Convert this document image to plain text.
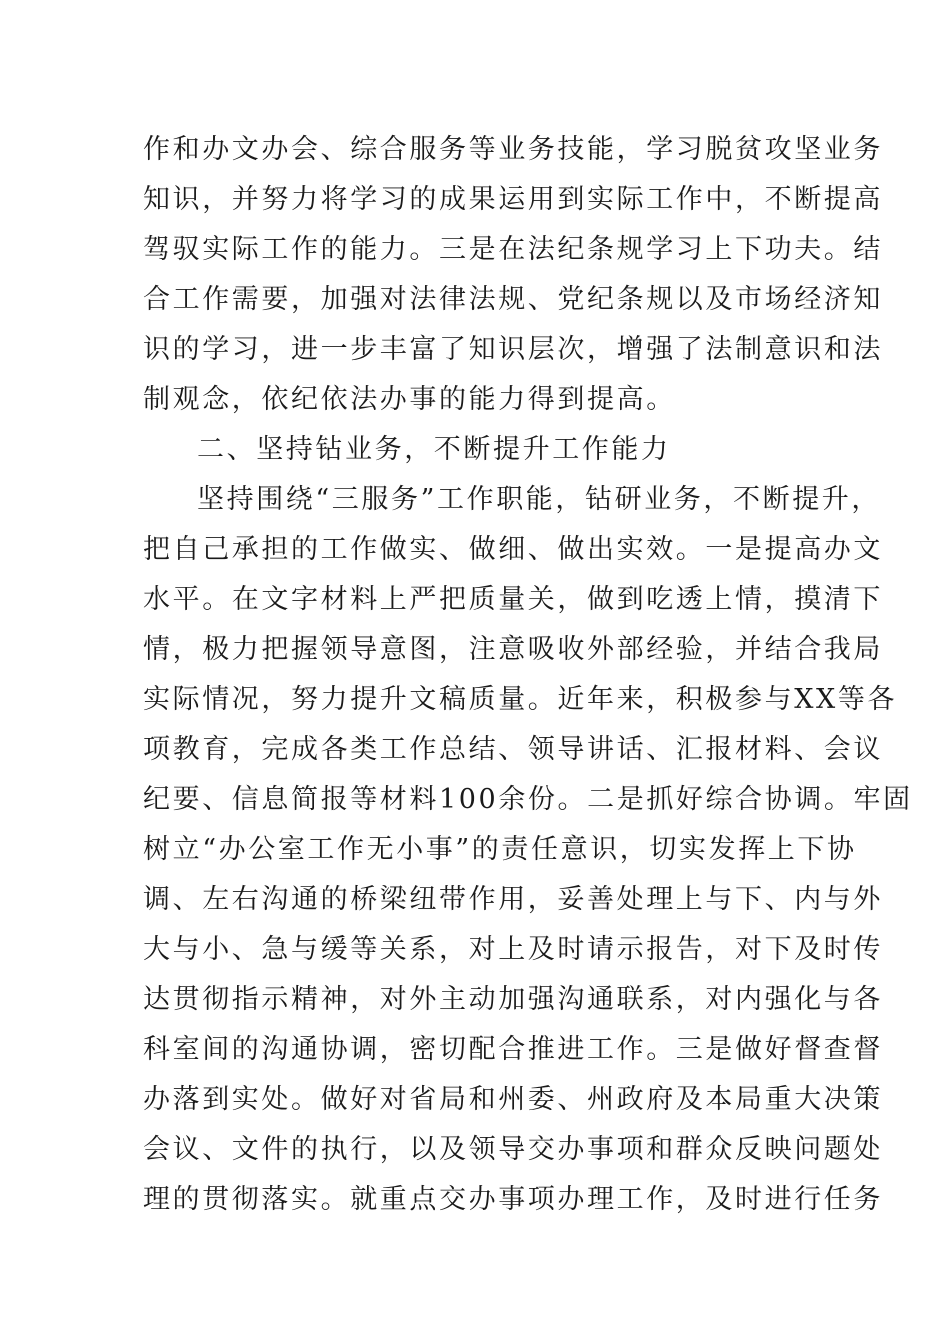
作和办文办会、综合服务等业务技能，学习脱贫攻坚业务
知识，并努力将学习的成果运用到实际工作中，不断提高
驾驭实际工作的能力。三是在法纪条规学习上下功夫。结
合工作需要，加强对法律法规、党纪条规以及市场经济知
识的学习，进一步丰富了知识层次，增强了法制意识和法
制观念，依纪依法办事的能力得到提高。
二、坚持钻业务，不断提升工作能力
坚持围绕“三服务”工作职能，钻研业务，不断提升，
把自己承担的工作做实、做细、做出实效。一是提高办文
水平。在文字材料上严把质量关，做到吃透上情，摸清下
情，极力把握领导意图，注意吸收外部经验，并结合我局
实际情况，努力提升文稿质量。近年来，积极参与XX等各
项教育，完成各类工作总结、领导讲话、汇报材料、会议
纪要、信息简报等材料100余份。二是抓好综合协调。牢固
树立“办公室工作无小事”的责任意识，切实发挥上下协
调、左右沟通的桥梁纽带作用，妥善处理上与下、内与外
大与小、急与缓等关系，对上及时请示报告，对下及时传
达贯彻指示精神，对外主动加强沟通联系，对内强化与各
科室间的沟通协调，密切配合推进工作。三是做好督查督
办落到实处。做好对省局和州委、州政府及本局重大决策
会议、文件的执行，以及领导交办事项和群众反映问题处
理的贯彻落实。就重点交办事项办理工作，及时进行任务
